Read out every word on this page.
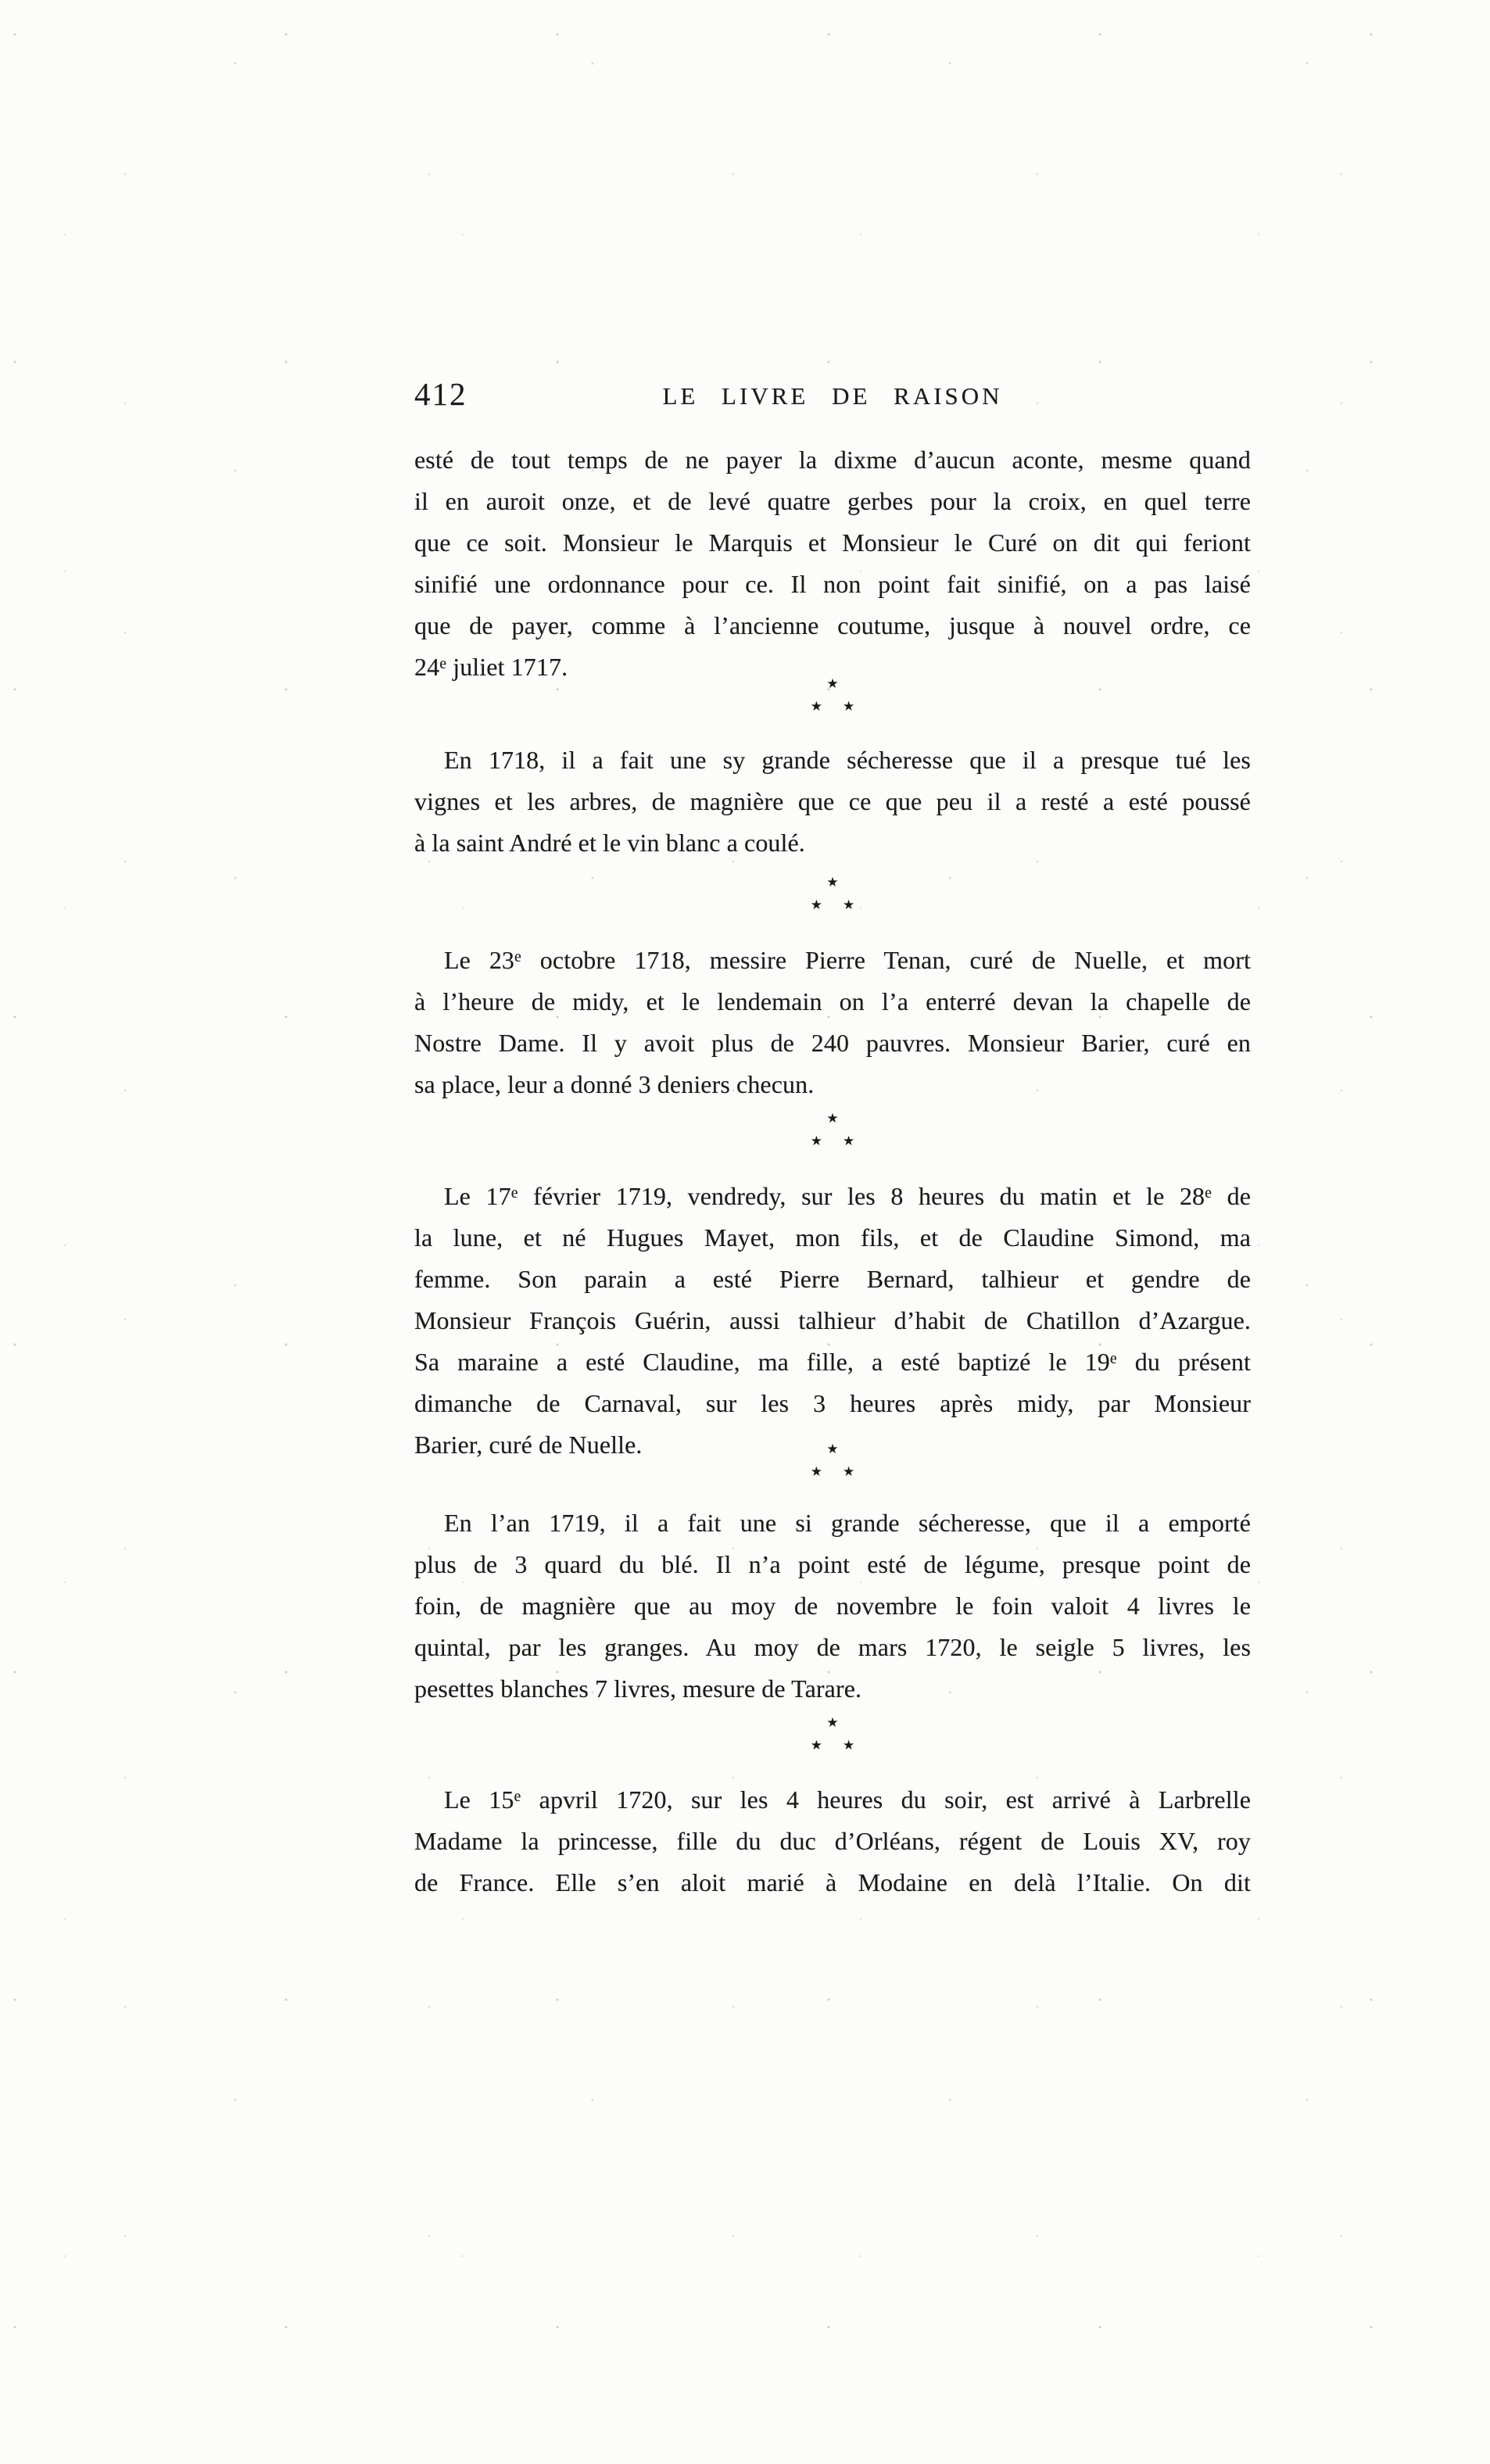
412	LE LIVRE DE RAISON
esté de tout temps de ne payer la dixme d’aucun aconte, mesme quand
il en auroit onze, et de levé quatre gerbes pour la croix, en quel terre
que ce soit. Monsieur le Marquis et Monsieur le Curé on dit qui feriont
sinifié une ordonnance pour ce. Il non point fait sinifié, on a pas laisé
que de payer, comme à l’ancienne coutume, jusque à nouvel ordre, ce
24e juliet 1717.
★
★ ★
En 1718, il a fait une sy grande sécheresse que il a presque tué les
vignes et les arbres, de magnière que ce que peu il a resté a esté poussé
à la saint André et le vin blanc a coulé.
★
★ ★
Le 23e octobre 1718, messire Pierre Tenan, curé de Nuelle, et mort
à l’heure de midy, et le lendemain on l’a enterré devan la chapelle de
Nostre Dame. Il y avoit plus de 240 pauvres. Monsieur Barier, curé en
sa place, leur a donné 3 deniers checun.
★
★ ★
Le 17e février 1719, vendredy, sur les 8 heures du matin et le 28e de
la lune, et né Hugues Mayet, mon fils, et de Claudine Simond, ma
femme. Son parain a esté Pierre Bernard, talhieur et gendre de
Monsieur François Guérin, aussi talhieur d’habit de Chatillon d’Azargue.
Sa maraine a esté Claudine, ma fille, a esté baptizé le 19e du présent
dimanche de Carnaval, sur les 3 heures après midy, par Monsieur
Barier, curé de Nuelle.	★
★ ★
En l’an 1719, il a fait une si grande sécheresse, que il a emporté
plus de 3 quard du blé. Il n’a point esté de légume, presque point de
foin, de magnière que au moy de novembre le foin valoit 4 livres le
quintal, par les granges. Au moy de mars 1720, le seigle 5 livres, les
pesettes blanches 7 livres, mesure de Tarare.
★
★ ★
Le 15e apvril 1720, sur les 4 heures du soir, est arrivé à Larbrelle
Madame la princesse, fille du duc d’Orléans, régent de Louis XV, roy
de France. Elle s’en aloit marié à Modaine en delà l’Italie. On dit
